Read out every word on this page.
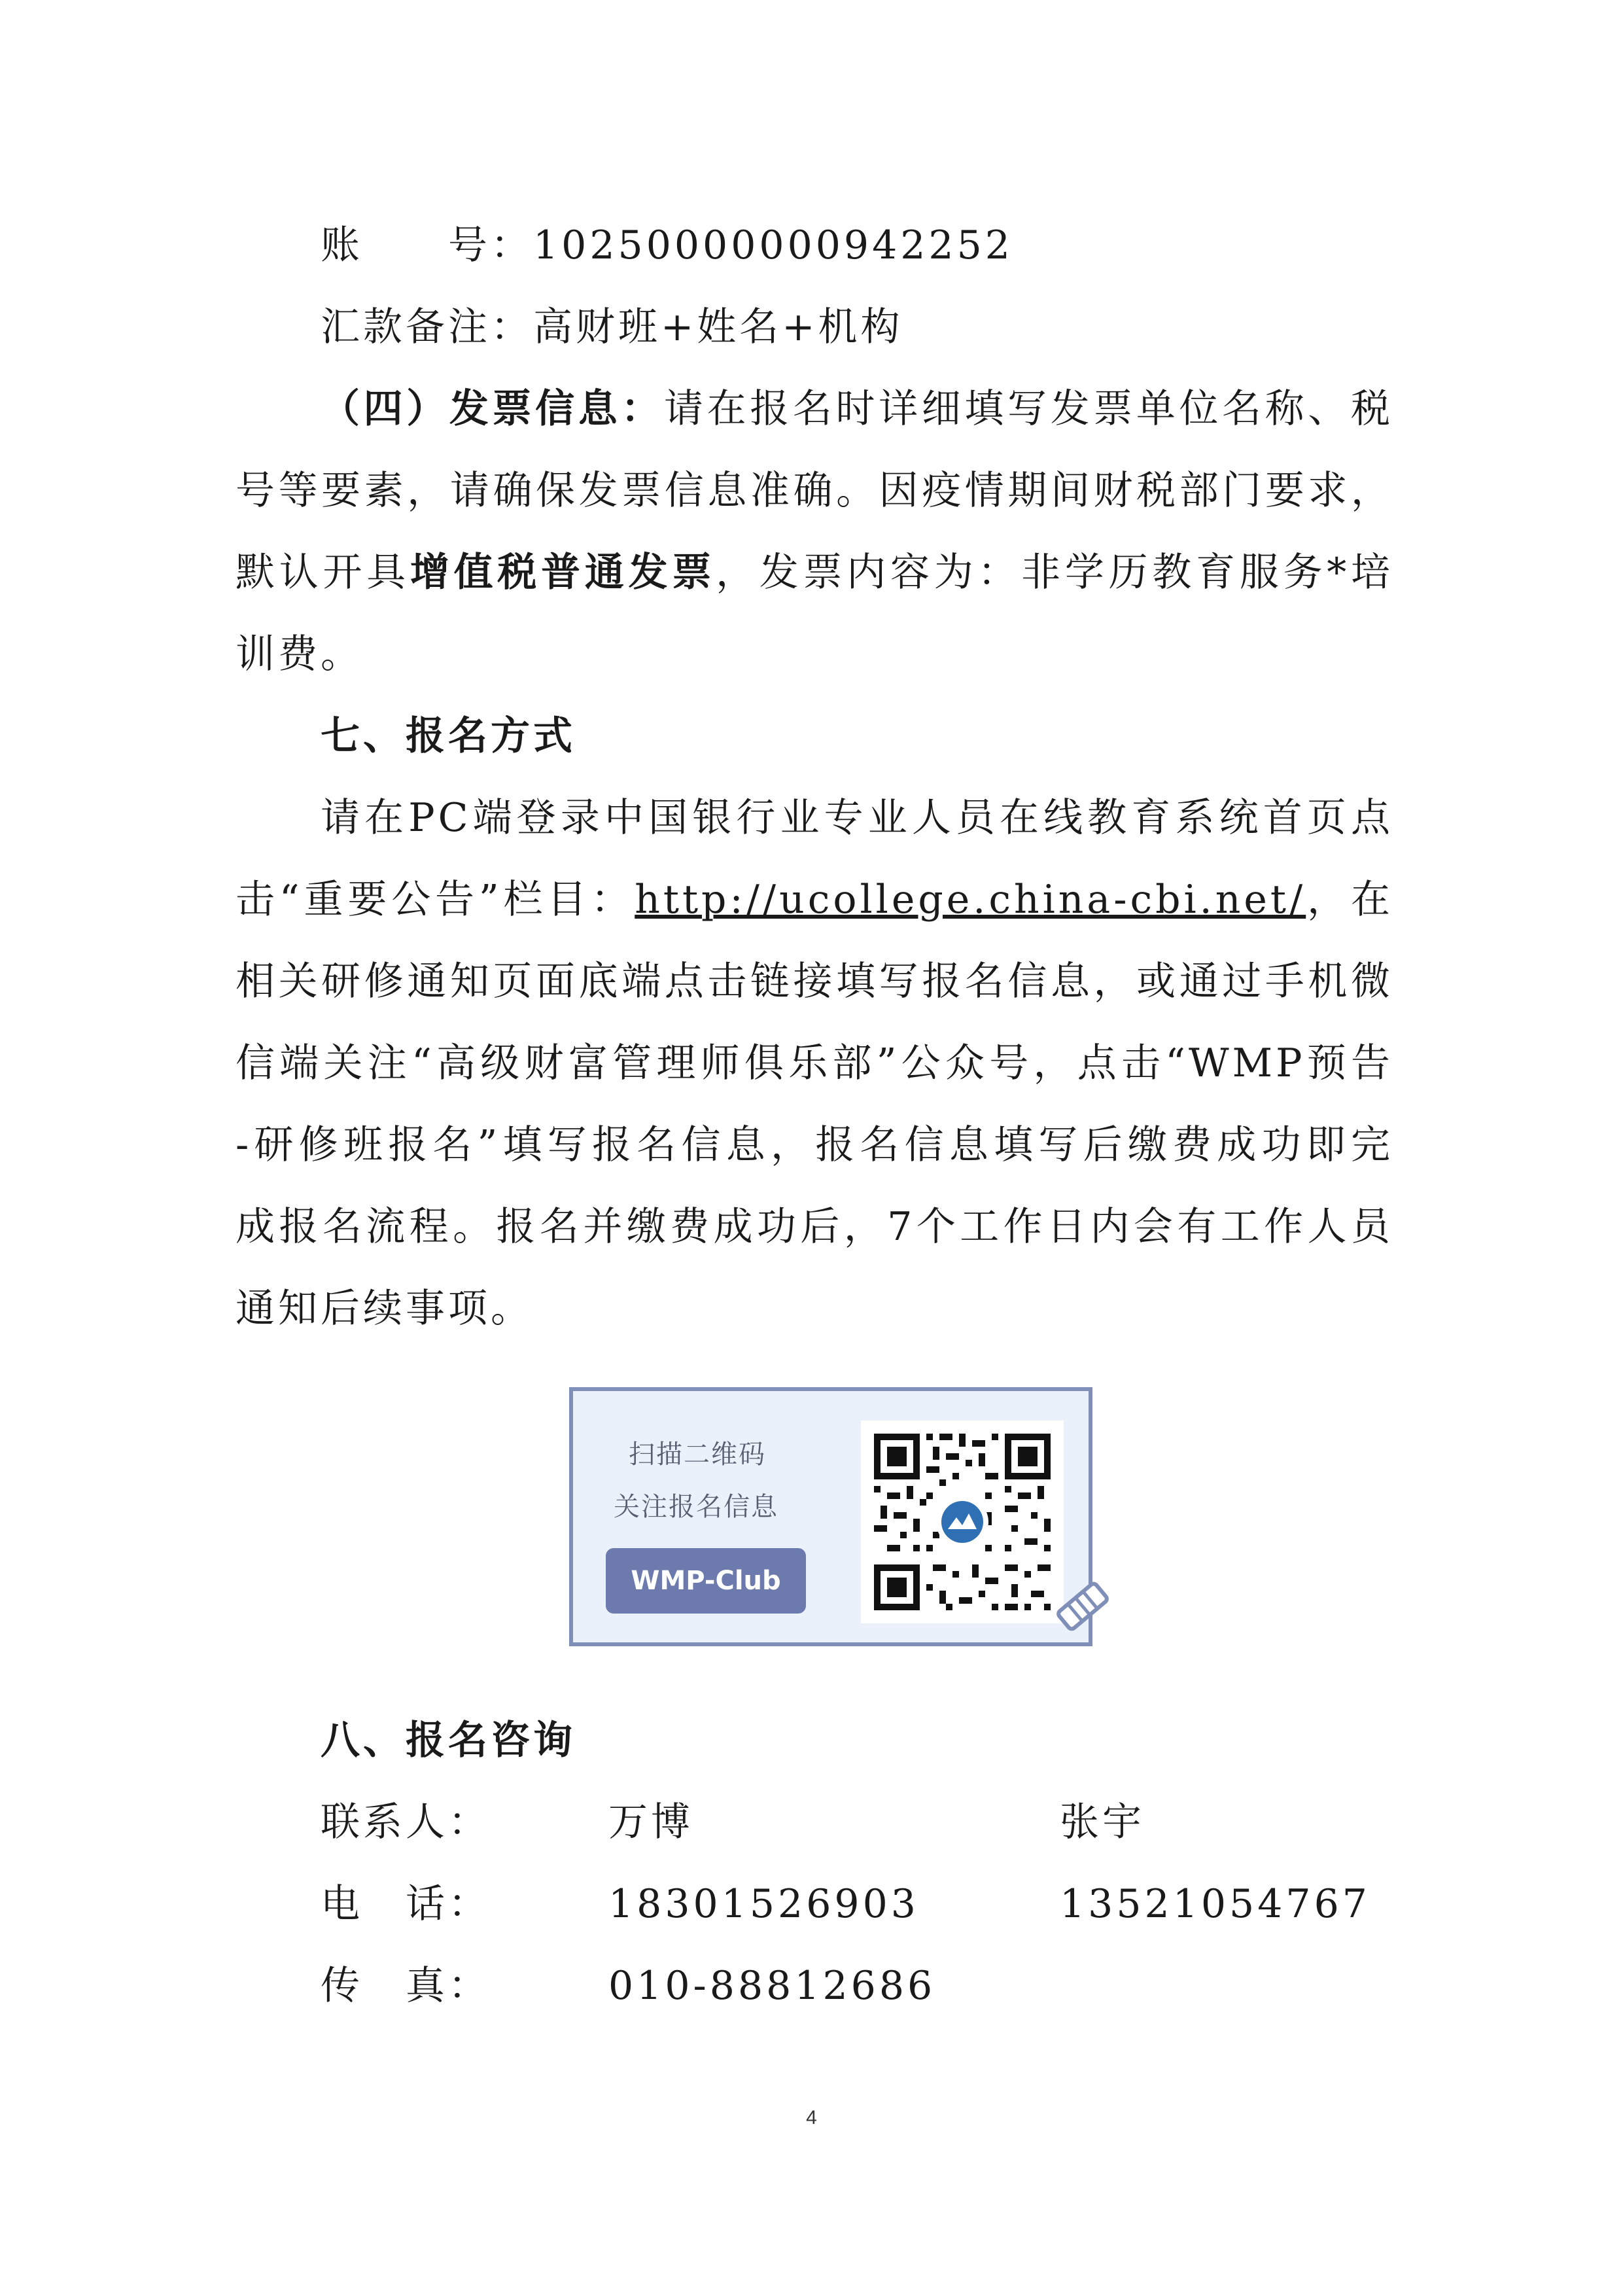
账　　号：10250000000942252
汇款备注：高财班+姓名+机构
（四）发票信息：请在报名时详细填写发票单位名称、税
号等要素，请确保发票信息准确。因疫情期间财税部门要求，
默认开具增值税普通发票，发票内容为：非学历教育服务*培
训费。
七、报名方式
请在PC端登录中国银行业专业人员在线教育系统首页点
击“重要公告”栏目：http://ucollege.china-cbi.net/，在
相关研修通知页面底端点击链接填写报名信息，或通过手机微
信端关注“高级财富管理师俱乐部”公众号，点击“WMP预告
-研修班报名”填写报名信息，报名信息填写后缴费成功即完
成报名流程。报名并缴费成功后，7个工作日内会有工作人员
通知后续事项。
扫描二维码
关注报名信息
WMP-Club
八、报名咨询
联系人：	万博	张宇
电　话：	18301526903	13521054767
传　真：	010-88812686
4
